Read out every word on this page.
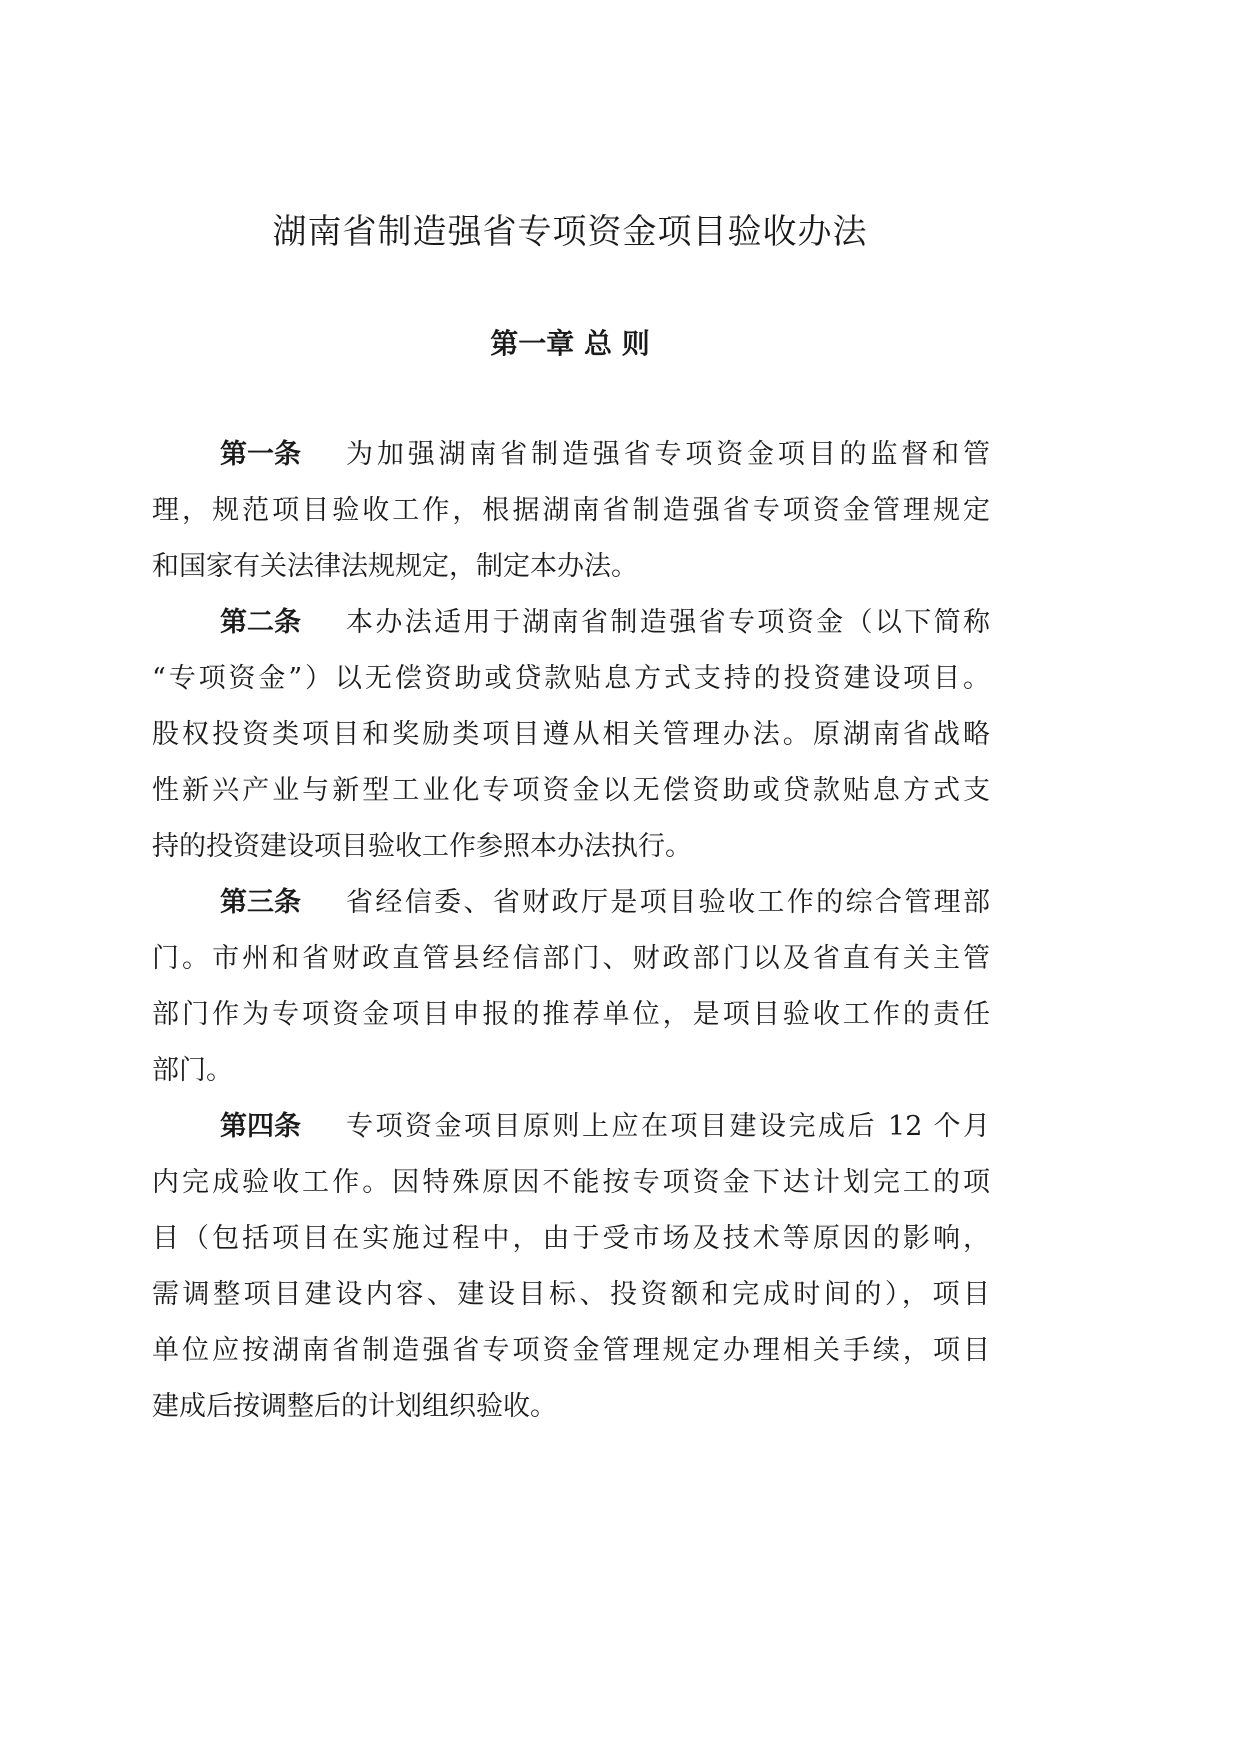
湖南省制造强省专项资金项目验收办法
第一章 总 则
第一条	为加强湖南省制造强省专项资金项目的监督和管
理，规范项目验收工作，根据湖南省制造强省专项资金管理规定
和国家有关法律法规规定，制定本办法。
第二条	本办法适用于湖南省制造强省专项资金（以下简称
“专项资金”）以无偿资助或贷款贴息方式支持的投资建设项目。
股权投资类项目和奖励类项目遵从相关管理办法。原湖南省战略
性新兴产业与新型工业化专项资金以无偿资助或贷款贴息方式支
持的投资建设项目验收工作参照本办法执行。
第三条	省经信委、省财政厅是项目验收工作的综合管理部
门。市州和省财政直管县经信部门、财政部门以及省直有关主管
部门作为专项资金项目申报的推荐单位，是项目验收工作的责任
部门。
第四条	专项资金项目原则上应在项目建设完成后 12 个月
内完成验收工作。因特殊原因不能按专项资金下达计划完工的项
目（包括项目在实施过程中，由于受市场及技术等原因的影响，
需调整项目建设内容、建设目标、投资额和完成时间的），项目
单位应按湖南省制造强省专项资金管理规定办理相关手续，项目
建成后按调整后的计划组织验收。
